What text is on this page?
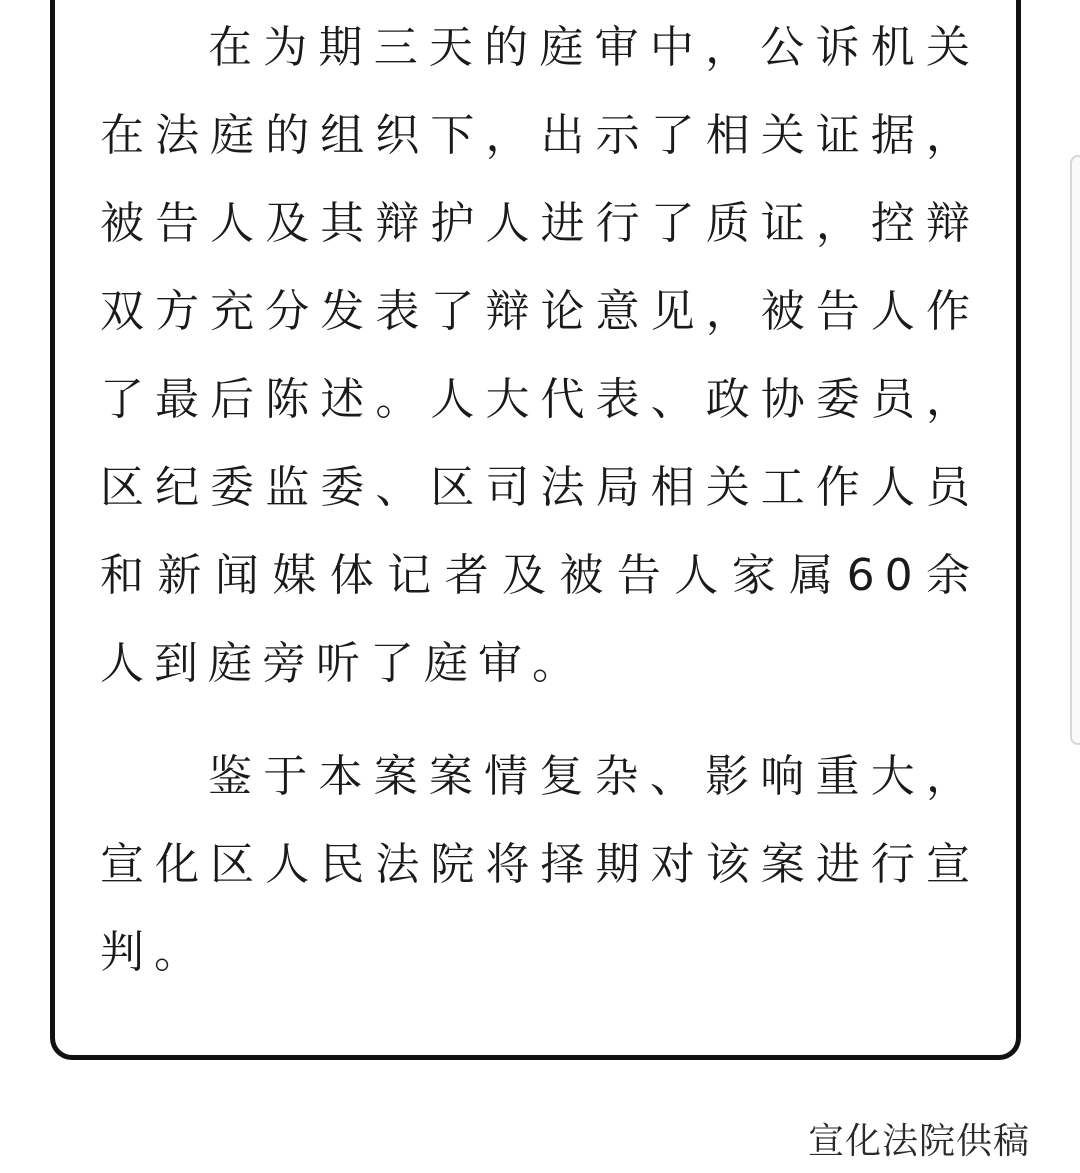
在为期三天的庭审中，公诉机关在法庭的组织下，出示了相关证据，被告人及其辩护人进行了质证，控辩双方充分发表了辩论意见，被告人作了最后陈述。人大代表、政协委员，区纪委监委、区司法局相关工作人员和新闻媒体记者及被告人家属60余人到庭旁听了庭审。

鉴于本案案情复杂、影响重大，宣化区人民法院将择期对该案进行宣判。

宣化法院供稿
